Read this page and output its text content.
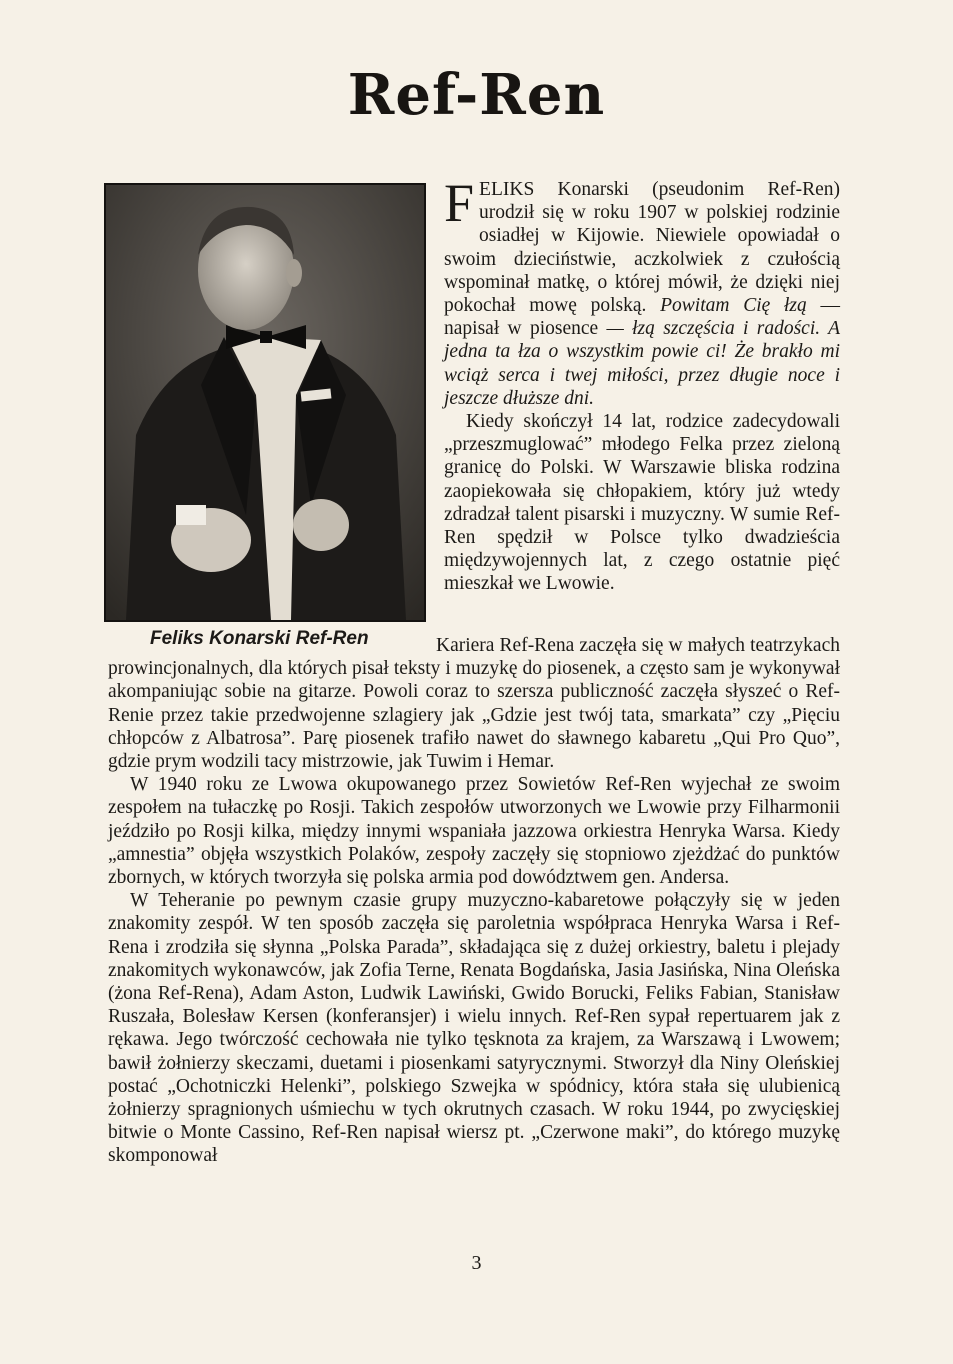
Ref-Ren
Feliks Konarski Ref-Ren

FELIKS Konarski (pseudonim Ref-Ren) urodził się w roku 1907 w polskiej rodzinie osiadłej w Kijowie. Niewiele opowiadał o swoim dzieciństwie, aczkolwiek z czułością wspominał matkę, o której mówił, że dzięki niej pokochał mowę polską. Powitam Cię łzą — napisał w piosence — łzą szczęścia i radości. A jedna ta łza o wszystkim powie ci! Że brakło mi wciąż serca i twej miłości, przez długie noce i jeszcze dłuższe dni.

Kiedy skończył 14 lat, rodzice zadecydowali „przeszmuglować” młodego Felka przez zieloną granicę do Polski. W Warszawie bliska rodzina zaopiekowała się chłopakiem, który już wtedy zdradzał talent pisarski i muzyczny. W sumie Ref-Ren spędził w Polsce tylko dwadzieścia międzywojennych lat, z czego ostatnie pięć mieszkał we Lwowie.

Kariera Ref-Rena zaczęła się w małych teatrzykach prowincjonalnych, dla których pisał teksty i muzykę do piosenek, a często sam je wykonywał akompaniując sobie na gitarze. Powoli coraz to szersza publiczność zaczęła słyszeć o Ref-Renie przez takie przedwojenne szlagiery jak „Gdzie jest twój tata, smarkata” czy „Pięciu chłopców z Albatrosa”. Parę piosenek trafiło nawet do sławnego kabaretu „Qui Pro Quo”, gdzie prym wodzili tacy mistrzowie, jak Tuwim i Hemar.

W 1940 roku ze Lwowa okupowanego przez Sowietów Ref-Ren wyjechał ze swoim zespołem na tułaczkę po Rosji. Takich zespołów utworzonych we Lwowie przy Filharmonii jeździło po Rosji kilka, między innymi wspaniała jazzowa orkiestra Henryka Warsa. Kiedy „amnestia” objęła wszystkich Polaków, zespoły zaczęły się stopniowo zjeżdżać do punktów zbornych, w których tworzyła się polska armia pod dowództwem gen. Andersa.

W Teheranie po pewnym czasie grupy muzyczno-kabaretowe połączyły się w jeden znakomity zespół. W ten sposób zaczęła się paroletnia współpraca Henryka Warsa i Ref-Rena i zrodziła się słynna „Polska Parada”, składająca się z dużej orkiestry, baletu i plejady znakomitych wykonawców, jak Zofia Terne, Renata Bogdańska, Jasia Jasińska, Nina Oleńska (żona Ref-Rena), Adam Aston, Ludwik Lawiński, Gwido Borucki, Feliks Fabian, Stanisław Ruszała, Bolesław Kersen (konferansjer) i wielu innych. Ref-Ren sypał repertuarem jak z rękawa. Jego twórczość cechowała nie tylko tęsknota za krajem, za Warszawą i Lwowem; bawił żołnierzy skeczami, duetami i piosenkami satyrycznymi. Stworzył dla Niny Oleńskiej postać „Ochotniczki Helenki”, polskiego Szwejka w spódnicy, która stała się ulubienicą żołnierzy spragnionych uśmiechu w tych okrutnych czasach. W roku 1944, po zwycięskiej bitwie o Monte Cassino, Ref-Ren napisał wiersz pt. „Czerwone maki”, do którego muzykę skomponował

3
